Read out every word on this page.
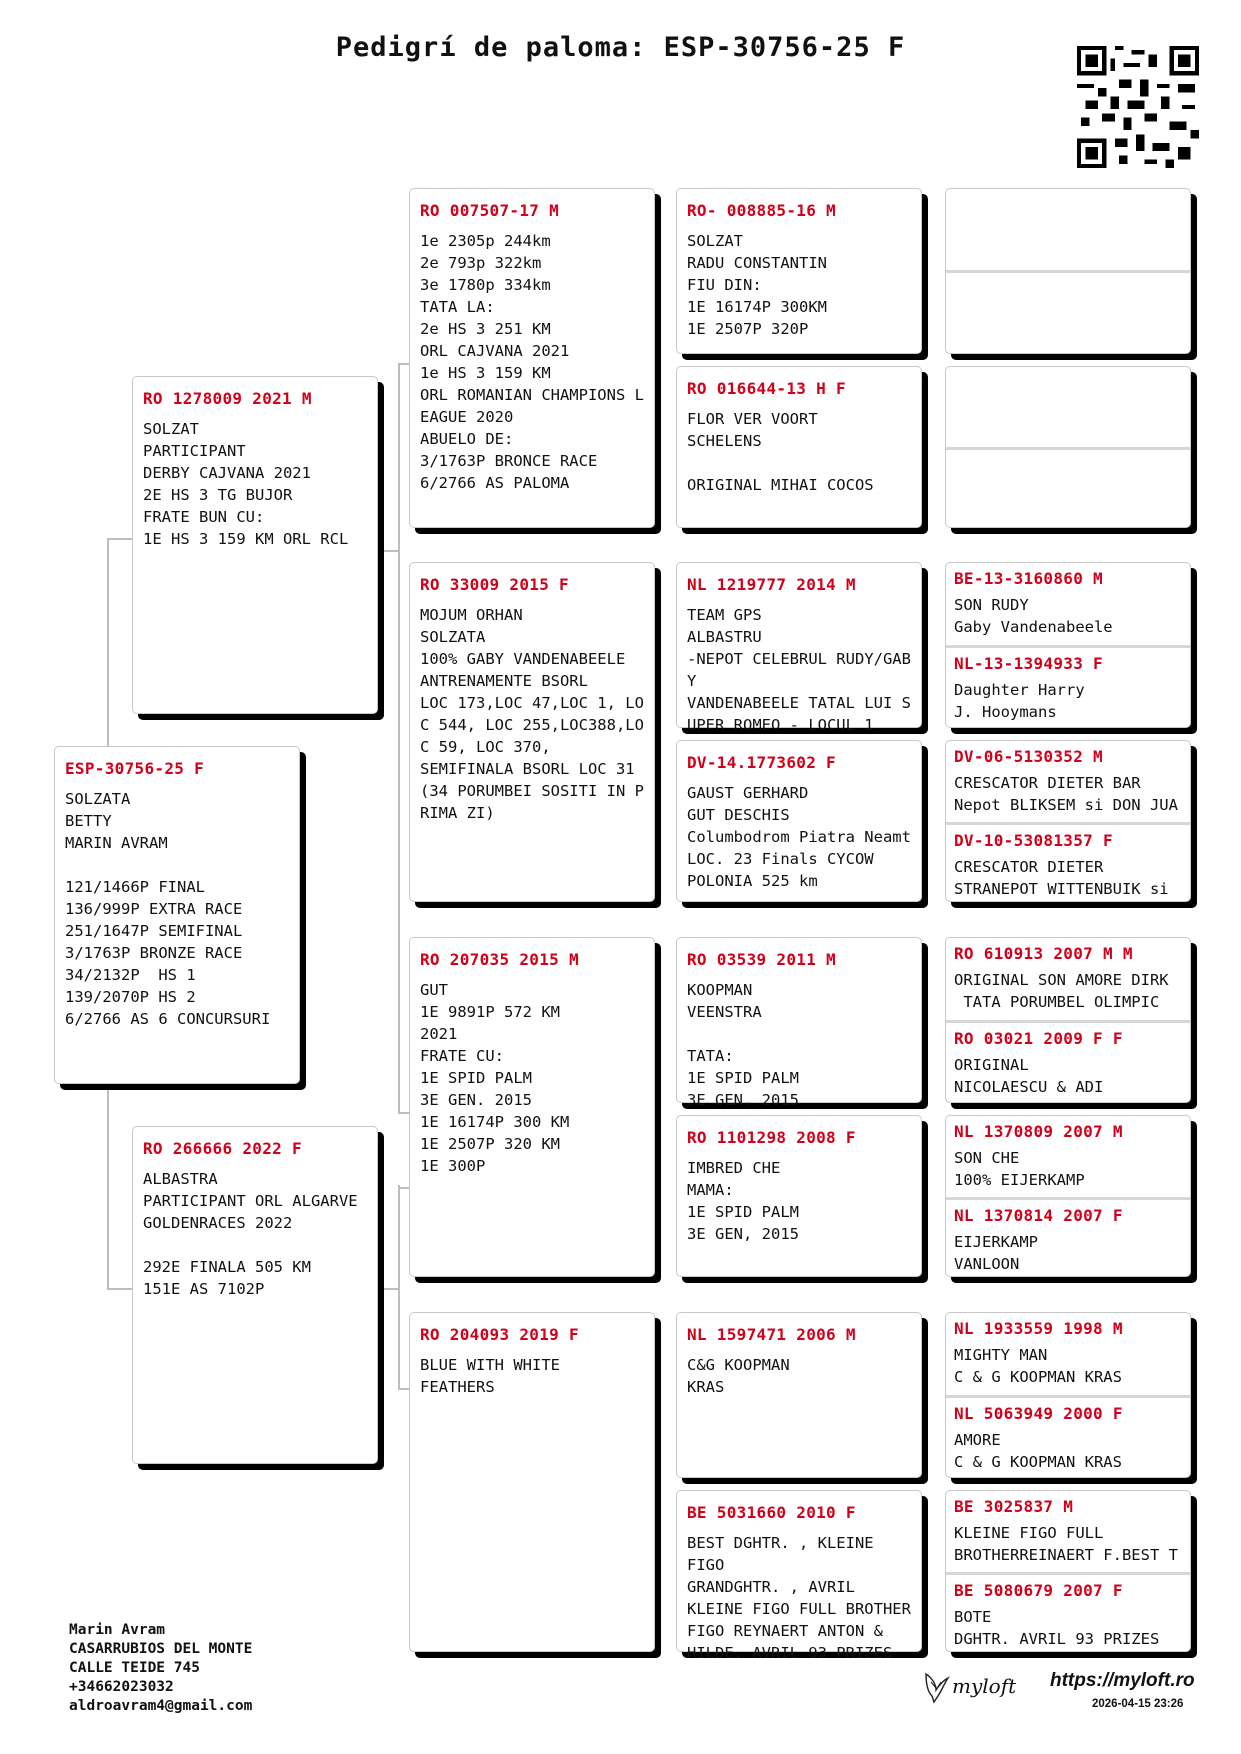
Pedigrí de paloma: ESP-30756-25 F
ESP-30756-25 F
SOLZATA
BETTY
MARIN AVRAM

121/1466P FINAL
136/999P EXTRA RACE
251/1647P SEMIFINAL
3/1763P BRONZE RACE
34/2132P  HS 1
139/2070P HS 2
6/2766 AS 6 CONCURSURI
RO 1278009 2021 M
SOLZAT
PARTICIPANT
DERBY CAJVANA 2021
2E HS 3 TG BUJOR
FRATE BUN CU:
1E HS 3 159 KM ORL RCL
RO 266666 2022 F
ALBASTRA
PARTICIPANT ORL ALGARVE
GOLDENRACES 2022

292E FINALA 505 KM
151E AS 7102P
RO 007507-17 M
1e 2305p 244km
2e 793p 322km
3e 1780p 334km
TATA LA:
2e HS 3 251 KM
ORL CAJVANA 2021
1e HS 3 159 KM
ORL ROMANIAN CHAMPIONS LEAGUE 2020
ABUELO DE:
3/1763P BRONCE RACE
6/2766 AS PALOMA
RO 33009 2015 F
MOJUM ORHAN
SOLZATA
100% GABY VANDENABEELE
ANTRENAMENTE BSORL
LOC 173,LOC 47,LOC 1, LOC 544, LOC 255,LOC388,LOC 59, LOC 370,
SEMIFINALA BSORL LOC 31 (34 PORUMBEI SOSITI IN PRIMA ZI)
RO 207035 2015 M
GUT
1E 9891P 572 KM
2021
FRATE CU:
1E SPID PALM
3E GEN. 2015
1E 16174P 300 KM
1E 2507P 320 KM
1E 300P
RO 204093 2019 F
BLUE WITH WHITE
FEATHERS
RO- 008885-16 M
SOLZAT
RADU CONSTANTIN
FIU DIN:
1E 16174P 300KM
1E 2507P 320P
RO 016644-13 H F
FLOR VER VOORT
SCHELENS

ORIGINAL MIHAI COCOS
NL 1219777 2014 M
TEAM GPS
ALBASTRU
-NEPOT CELEBRUL RUDY/GABY
VANDENABEELE TATAL LUI SUPER ROMEO - LOCUL 1
DV-14.1773602 F
GAUST GERHARD
GUT DESCHIS
Columbodrom Piatra Neamt
LOC. 23 Finals CYCOW
POLONIA 525 km
RO 03539 2011 M
KOOPMAN
VEENSTRA

TATA:
1E SPID PALM
3E GEN. 2015
RO 1101298 2008 F
IMBRED CHE
MAMA:
1E SPID PALM
3E GEN, 2015
NL 1597471 2006 M
C&G KOOPMAN
KRAS
BE 5031660 2010 F
BEST DGHTR. , KLEINE
FIGO
GRANDGHTR. , AVRIL
KLEINE FIGO FULL BROTHER
FIGO REYNAERT ANTON &
HILDE. AVRIL 93 PRIZES
BE-13-3160860 M
SON RUDY
Gaby Vandenabeele
NL-13-1394933 F
Daughter Harry
J. Hooymans
DV-06-5130352 M
CRESCATOR DIETER BAR
Nepot BLIKSEM si DON JUA
DV-10-53081357 F
CRESCATOR DIETER
STRANEPOT WITTENBUIK si
RO 610913 2007 M M
ORIGINAL SON AMORE DIRK
TATA PORUMBEL OLIMPIC
RO 03021 2009 F F
ORIGINAL
NICOLAESCU & ADI
NL 1370809 2007 M
SON CHE
100% EIJERKAMP
NL 1370814 2007 F
EIJERKAMP
VANLOON
NL 1933559 1998 M
MIGHTY MAN
C & G KOOPMAN KRAS
NL 5063949 2000 F
AMORE
C & G KOOPMAN KRAS
BE 3025837 M
KLEINE FIGO FULL
BROTHERREINAERT F.BEST T
BE 5080679 2007 F
BOTE
DGHTR. AVRIL 93 PRIZES
Marin Avram
CASARRUBIOS DEL MONTE
CALLE TEIDE 745
+34662023032
aldroavram4@gmail.com
myloft https://myloft.ro
2026-04-15 23:26
